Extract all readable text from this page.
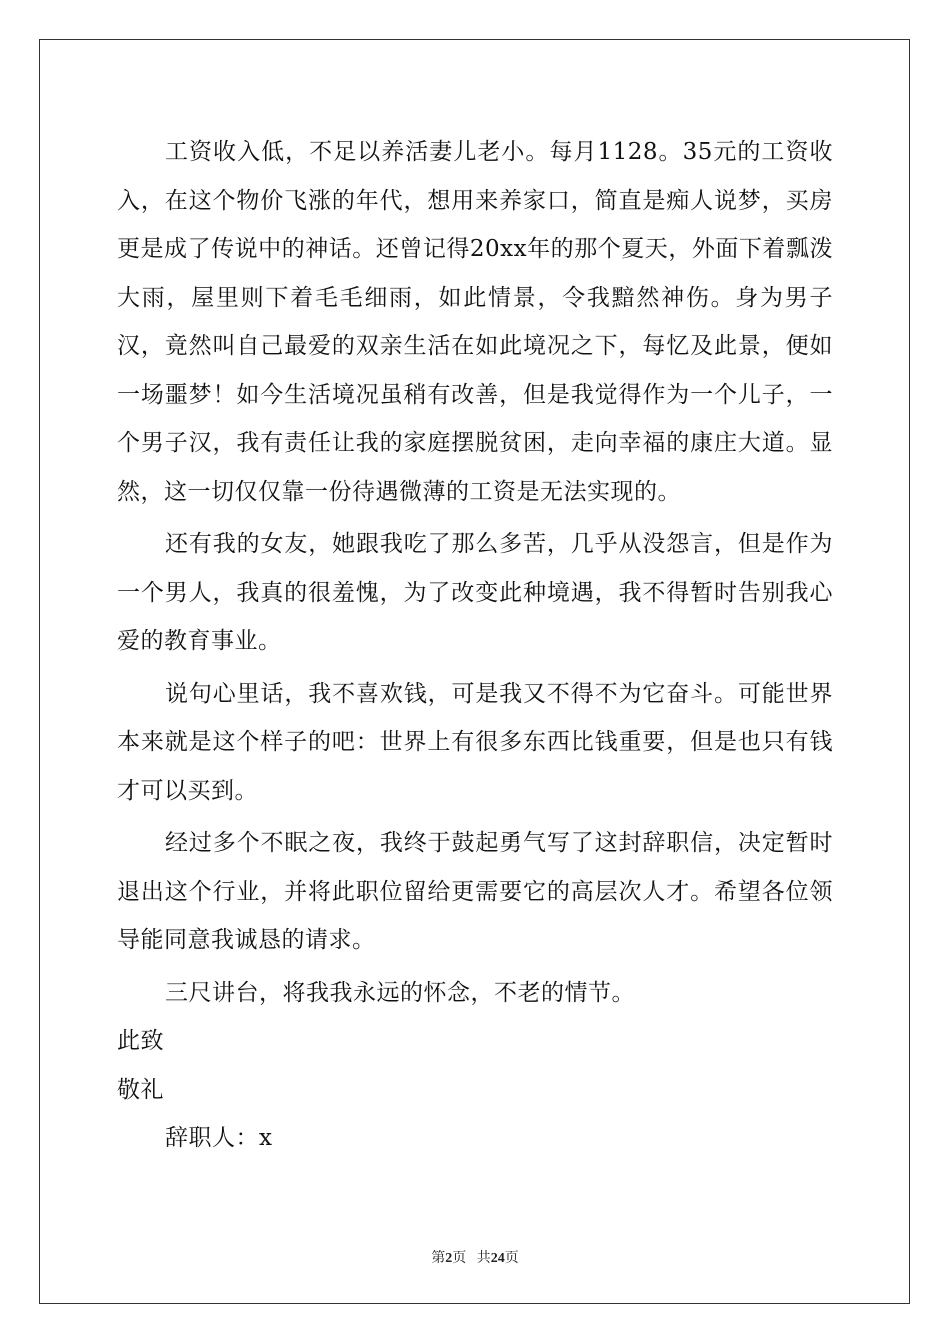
工资收入低，不足以养活妻儿老小。每月1128。35元的工资收入，在这个物价飞涨的年代，想用来养家口，简直是痴人说梦，买房更是成了传说中的神话。还曾记得20xx年的那个夏天，外面下着瓢泼大雨，屋里则下着毛毛细雨，如此情景，令我黯然神伤。身为男子汉，竟然叫自己最爱的双亲生活在如此境况之下，每忆及此景，便如一场噩梦！如今生活境况虽稍有改善，但是我觉得作为一个儿子，一个男子汉，我有责任让我的家庭摆脱贫困，走向幸福的康庄大道。显然，这一切仅仅靠一份待遇微薄的工资是无法实现的。

还有我的女友，她跟我吃了那么多苦，几乎从没怨言，但是作为一个男人，我真的很羞愧，为了改变此种境遇，我不得暂时告别我心爱的教育事业。

说句心里话，我不喜欢钱，可是我又不得不为它奋斗。可能世界本来就是这个样子的吧：世界上有很多东西比钱重要，但是也只有钱才可以买到。

经过多个不眠之夜，我终于鼓起勇气写了这封辞职信，决定暂时退出这个行业，并将此职位留给更需要它的高层次人才。希望各位领导能同意我诚恳的请求。

三尺讲台，将我我永远的怀念，不老的情节。

此致

敬礼

辞职人：x

第2页 共24页
